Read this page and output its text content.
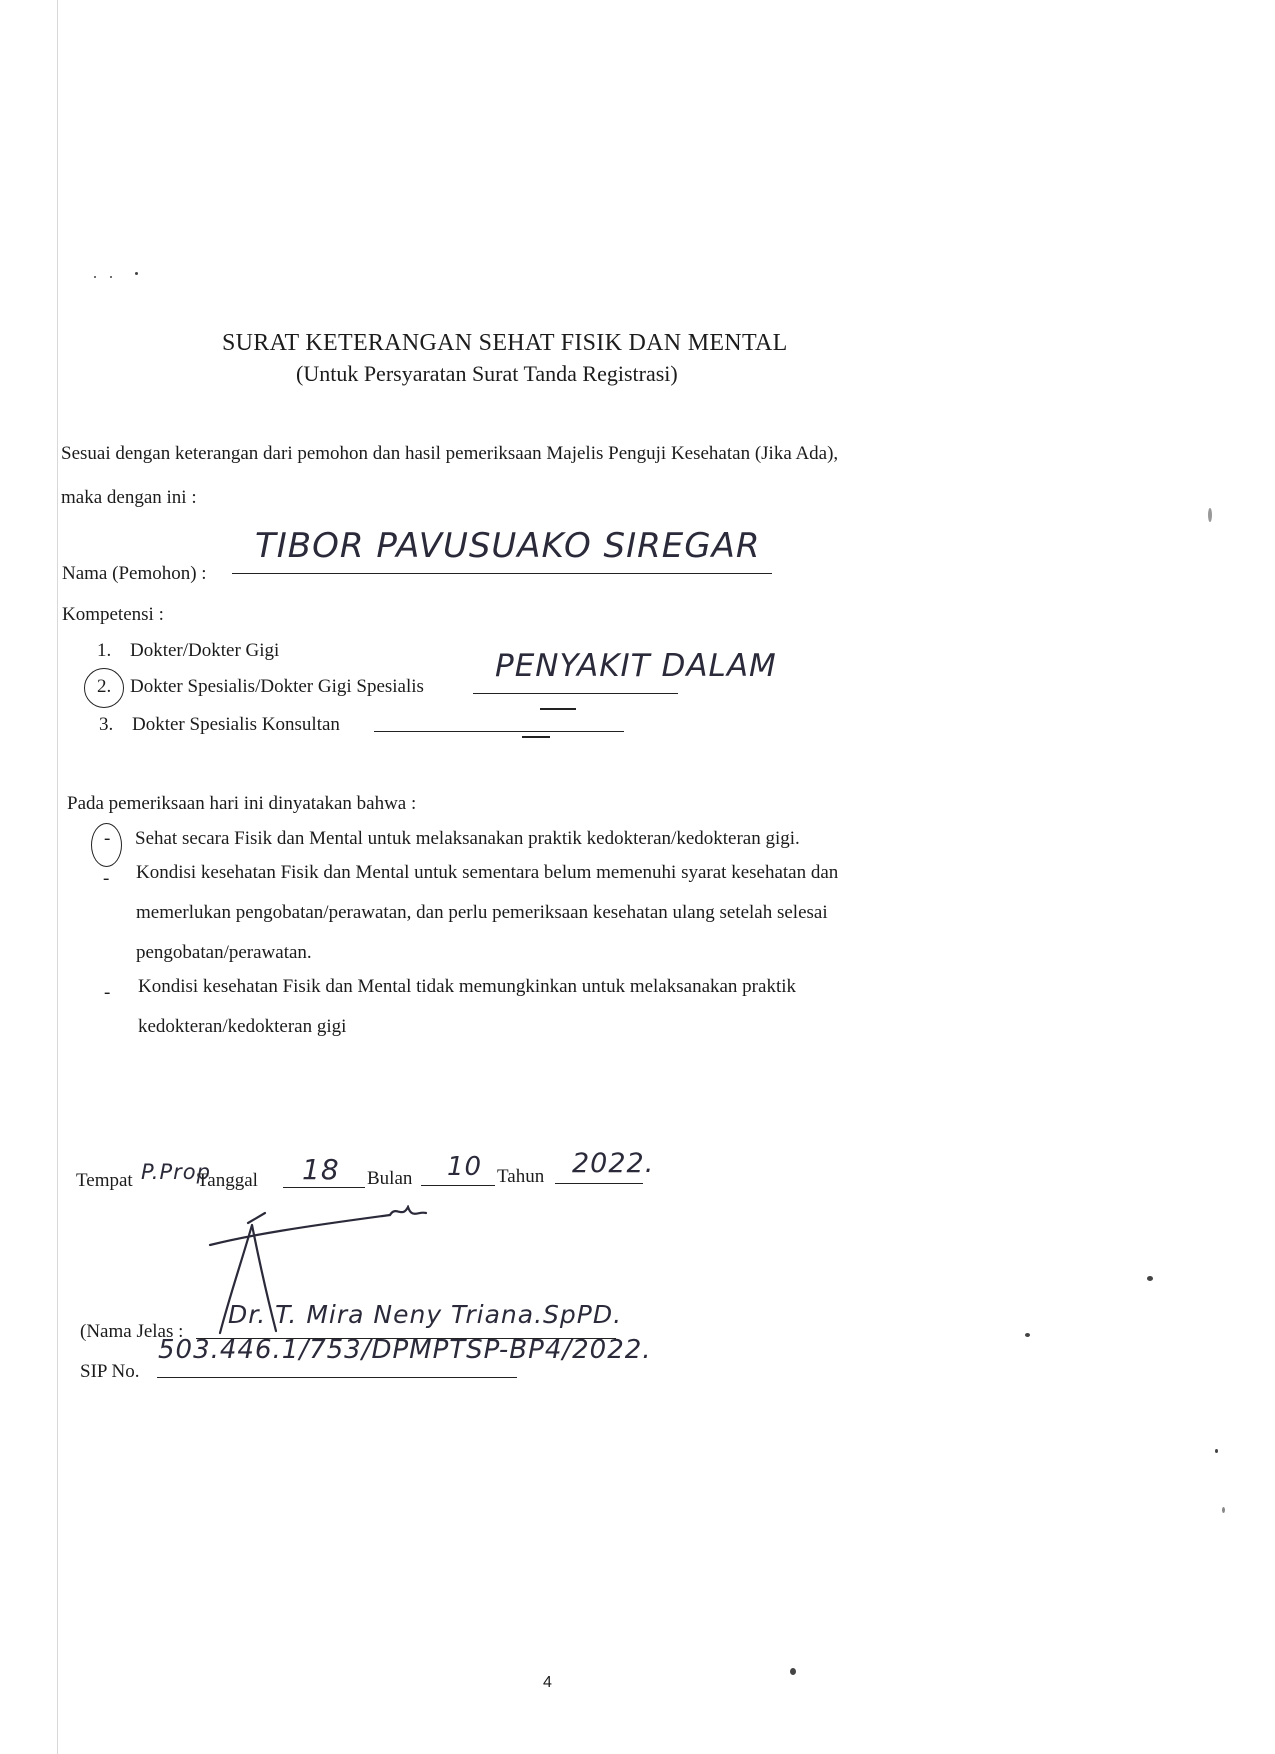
SURAT KETERANGAN SEHAT FISIK DAN MENTAL
(Untuk Persyaratan Surat Tanda Registrasi)
Sesuai dengan keterangan dari pemohon dan hasil pemeriksaan Majelis Penguji Kesehatan (Jika Ada),
maka dengan ini :
Nama (Pemohon) :
TIBOR PAVUSUAKO SIREGAR
Kompetensi :
1. Dokter/Dokter Gigi
2. Dokter Spesialis/Dokter Gigi Spesialis
PENYAKIT DALAM
3. Dokter Spesialis Konsultan
Pada pemeriksaan hari ini dinyatakan bahwa :
- Sehat secara Fisik dan Mental untuk melaksanakan praktik kedokteran/kedokteran gigi.
- Kondisi kesehatan Fisik dan Mental untuk sementara belum memenuhi syarat kesehatan dan
memerlukan pengobatan/perawatan, dan perlu pemeriksaan kesehatan ulang setelah selesai
pengobatan/perawatan.
- Kondisi kesehatan Fisik dan Mental tidak memungkinkan untuk melaksanakan praktik
kedokteran/kedokteran gigi
Tempat P.Prop
Tanggal 18 Bulan 10 Tahun 2022.
(Nama Jelas :
Dr. T. Mira Neny Triana.SpPD.
SIP No.
503.446.1/753/DPMPTSP-BP4/2022.
4
